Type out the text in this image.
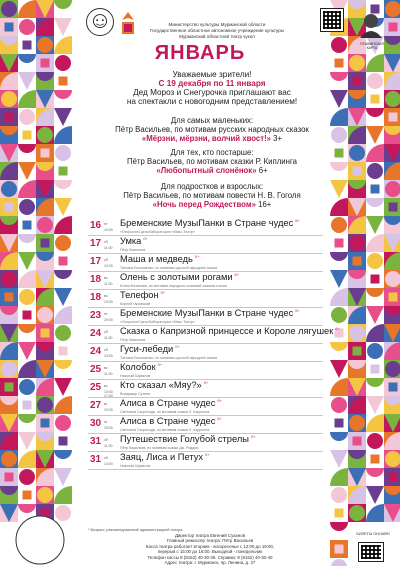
Министерство культуры Мурманской области
Государственное областное автономное учреждение культуры
Мурманский областной театр кукол
ПУШКИНСКАЯ КАРТА
ЯНВАРЬ
Уважаемые зрители!
С 19 декабря по 11 января
Дед Мороз и Снегурочка приглашают вас
на спектакли с новогодним представлением!
Для самых маленьких:
Пётр Васильев, по мотивам русских народных сказок
«Мёрзни, мёрзни, волчий хвост!» 3+
Для тех, кто постарше:
Пётр Васильев, по мотивам сказки Р. Киплинга
«Любопытный слонёнок» 6+
Для подростков и взрослых:
Пётр Васильев, по мотивам повести Н. В. Гоголя
«Ночь перед Рождеством» 16+
16 пт
19:00
Бременские МузыПанки в Стране чудес $^{6+}$
«ОткрытоеСценоЛаборатория «Микс-Театр»
17 сб
11:00
Умка $^{0+}$
Пётр Васильев
17 сб
13:00
Маша и медведь $^{0+}$
Татьяна Волошенко, по мотивам русской народной сказки
18 вс
11:00
Олень с золотыми рогами $^{6+}$
Юлия Фазанова, по мотивам народных сказаний саамов и коми
18 вс
13:00
Телефон $^{0+}$
Корней Чуковский
23 пт
19:00
Бременские МузыПанки в Стране чудес $^{6+}$
«ОткрытоеСценоЛаборатория «Микс-Театр»
24 сб
11:00
Сказка о Капризной принцессе и Короле лягушек $^{6+}$
Пётр Васильев
24 сб
13:00
Гуси-лебеди $^{0+}$
Татьяна Волошенко, по мотивам русской народной сказки
25 вс
11:00
Колобок $^{0+}$
Николай Шувалов
25 вс
13:00, 17:00
Кто сказал «Мяу?» $^{0+}$
Владимир Сутеев
27 вт
19:00
Алиса в Стране чудес $^{6+}$
Светлана Скорохода, по мотивам сказки Л. Кэрролла
30 пт
19:00
Алиса в Стране чудес $^{6+}$
Светлана Скорохода, по мотивам сказки Л. Кэрролла
31 сб
11:00
Путешествие Голубой стрелы $^{0+}$
Пётр Васильев, по мотивам сказки Дж. Родари
31 сб
13:00
Заяц, Лиса и Петух $^{0+}$
Николай Шувалов
* Возраст, рекомендованный администрацией театра
Директор театра Евгений Суханов
Главный режиссёр театра: Пётр Васильев
Касса театра работает вторник - воскресенье с 12:00 до 19:00,
перерыв с 15:00 до 16:00. Выходной - понедельник
Телефон кассы 8 (8152) 40-30-36. Справки: 8 (8152) 40-30-40
Адрес театра: г. Мурманск, пр. Ленина, д. 27
БИЛЕТЫ ОНЛАЙН
